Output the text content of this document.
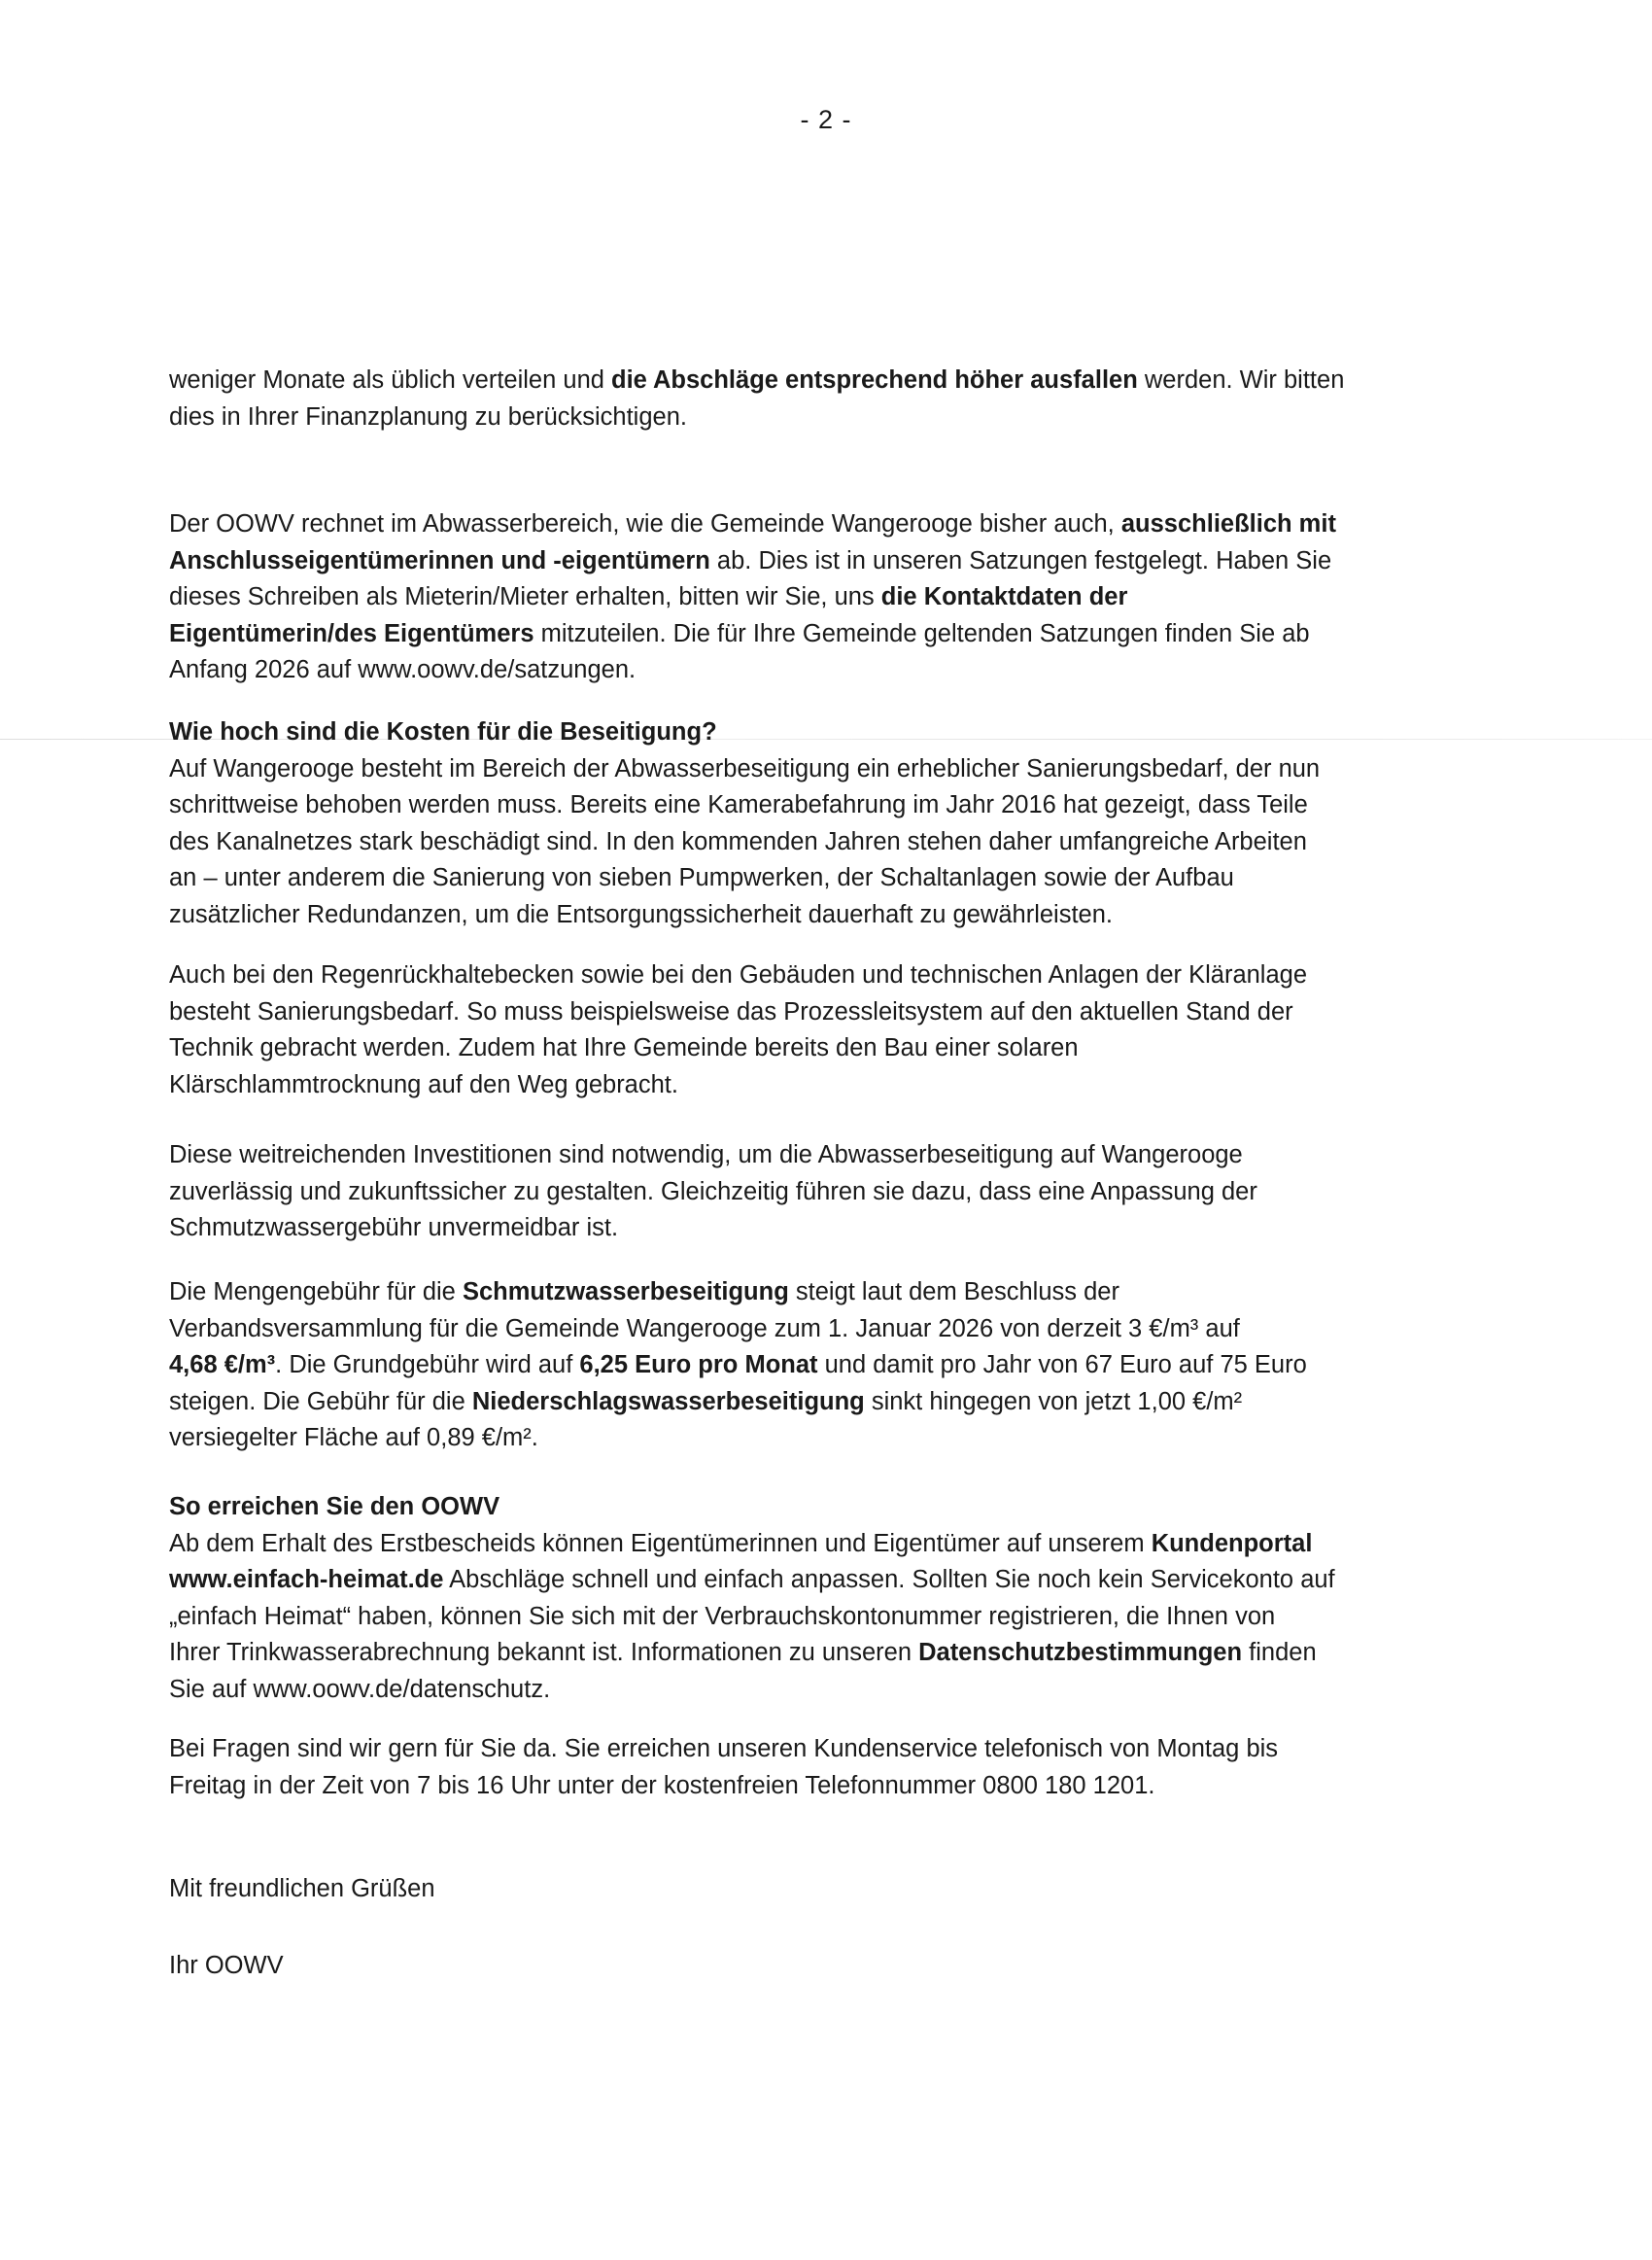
- 2 -
weniger Monate als üblich verteilen und die Abschläge entsprechend höher ausfallen werden. Wir bitten
dies in Ihrer Finanzplanung zu berücksichtigen.
Der OOWV rechnet im Abwasserbereich, wie die Gemeinde Wangerooge bisher auch, ausschließlich mit
Anschlusseigentümerinnen und -eigentümern ab. Dies ist in unseren Satzungen festgelegt. Haben Sie
dieses Schreiben als Mieterin/Mieter erhalten, bitten wir Sie, uns die Kontaktdaten der
Eigentümerin/des Eigentümers mitzuteilen. Die für Ihre Gemeinde geltenden Satzungen finden Sie ab
Anfang 2026 auf www.oowv.de/satzungen.
Wie hoch sind die Kosten für die Beseitigung?
Auf Wangerooge besteht im Bereich der Abwasserbeseitigung ein erheblicher Sanierungsbedarf, der nun
schrittweise behoben werden muss. Bereits eine Kamerabefahrung im Jahr 2016 hat gezeigt, dass Teile
des Kanalnetzes stark beschädigt sind. In den kommenden Jahren stehen daher umfangreiche Arbeiten
an – unter anderem die Sanierung von sieben Pumpwerken, der Schaltanlagen sowie der Aufbau
zusätzlicher Redundanzen, um die Entsorgungssicherheit dauerhaft zu gewährleisten.
Auch bei den Regenrückhaltebecken sowie bei den Gebäuden und technischen Anlagen der Kläranlage
besteht Sanierungsbedarf. So muss beispielsweise das Prozessleitsystem auf den aktuellen Stand der
Technik gebracht werden. Zudem hat Ihre Gemeinde bereits den Bau einer solaren
Klärschlammtrocknung auf den Weg gebracht.
Diese weitreichenden Investitionen sind notwendig, um die Abwasserbeseitigung auf Wangerooge
zuverlässig und zukunftssicher zu gestalten. Gleichzeitig führen sie dazu, dass eine Anpassung der
Schmutzwassergebühr unvermeidbar ist.
Die Mengengebühr für die Schmutzwasserbeseitigung steigt laut dem Beschluss der
Verbandsversammlung für die Gemeinde Wangerooge zum 1. Januar 2026 von derzeit 3 €/m³ auf
4,68 €/m³. Die Grundgebühr wird auf 6,25 Euro pro Monat und damit pro Jahr von 67 Euro auf 75 Euro
steigen. Die Gebühr für die Niederschlagswasserbeseitigung sinkt hingegen von jetzt 1,00 €/m²
versiegelter Fläche auf 0,89 €/m².
So erreichen Sie den OOWV
Ab dem Erhalt des Erstbescheids können Eigentümerinnen und Eigentümer auf unserem Kundenportal
www.einfach-heimat.de Abschläge schnell und einfach anpassen. Sollten Sie noch kein Servicekonto auf
„einfach Heimat“ haben, können Sie sich mit der Verbrauchskontonummer registrieren, die Ihnen von
Ihrer Trinkwasserabrechnung bekannt ist. Informationen zu unseren Datenschutzbestimmungen finden
Sie auf www.oowv.de/datenschutz.
Bei Fragen sind wir gern für Sie da. Sie erreichen unseren Kundenservice telefonisch von Montag bis
Freitag in der Zeit von 7 bis 16 Uhr unter der kostenfreien Telefonnummer 0800 180 1201.
Mit freundlichen Grüßen
Ihr OOWV
